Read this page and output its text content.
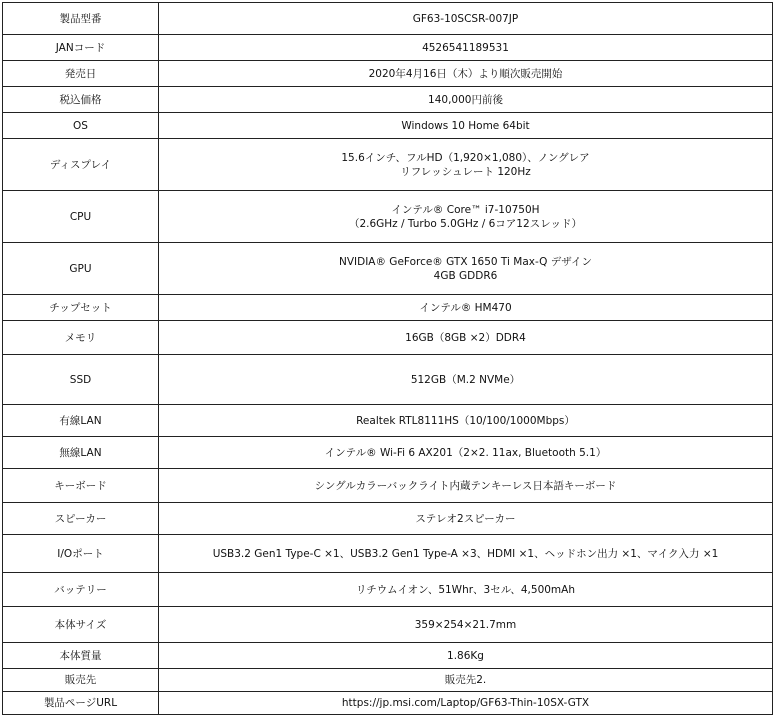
製品型番	GF63-10SCSR-007JP
JANコード	4526541189531
発売日	2020年4月16日（木）より順次販売開始
税込価格	140,000円前後
OS	Windows 10 Home 64bit
ディスプレイ	15.6インチ、フルHD（1,920×1,080）、ノングレア
リフレッシュレート 120Hz
CPU	インテル® Core™ i7-10750H
（2.6GHz / Turbo 5.0GHz / 6コア12スレッド）
GPU	NVIDIA® GeForce® GTX 1650 Ti Max-Q デザイン
4GB GDDR6
チップセット	インテル® HM470
メモリ	16GB（8GB ×2）DDR4
SSD	512GB（M.2 NVMe）
有線LAN	Realtek RTL8111HS（10/100/1000Mbps）
無線LAN	インテル® Wi-Fi 6 AX201（2×2. 11ax, Bluetooth 5.1）
キーボード	シングルカラーバックライト内蔵テンキーレス日本語キーボード
スピーカー	ステレオ2スピーカー
I/Oポート	USB3.2 Gen1 Type-C ×1、USB3.2 Gen1 Type-A ×3、HDMI ×1、ヘッドホン出力 ×1、マイク入力 ×1
バッテリー	リチウムイオン、51Whr、3セル、4,500mAh
本体サイズ	359×254×21.7mm
本体質量	1.86Kg
販売先	販売先2.
製品ページURL	https://jp.msi.com/Laptop/GF63-Thin-10SX-GTX
